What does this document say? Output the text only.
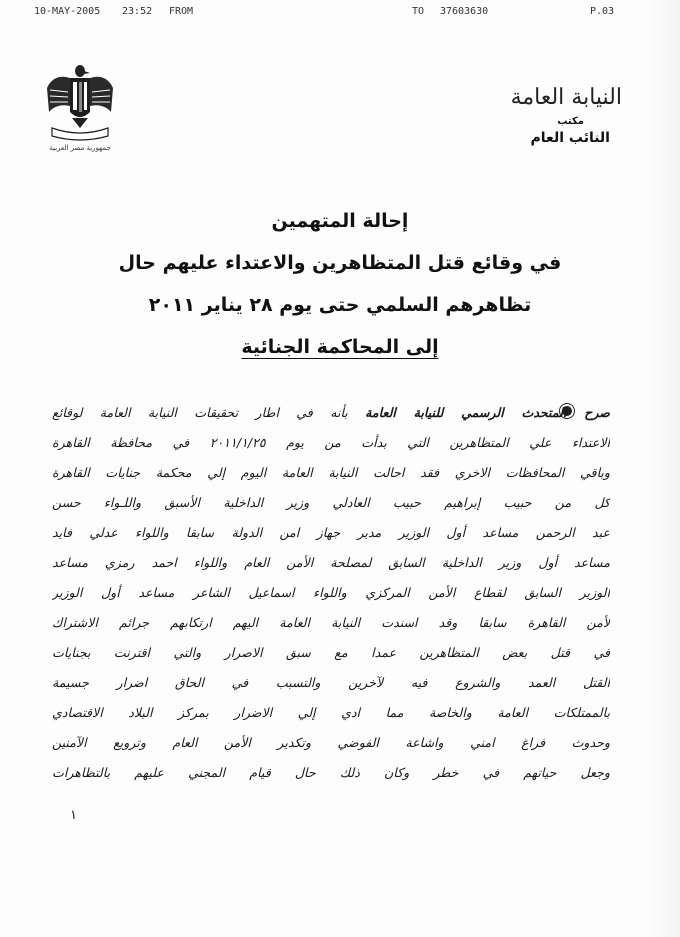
10-MAY-2005 23:52 FROM	TO 37603630	P.03
جمهورية مصر العربية
النيابة العامة
مكتب
النائب العام
إحالة المتهمين
في وقائع قتل المتظاهرين والاعتداء عليهم حال
تظاهرهم السلمي حتى يوم ٢٨ يناير ٢٠١١
إلى المحاكمة الجنائية
صرح المتحدث الرسمي للنيابة العامة بأنه في اطار تحقيقات النيابة العامة لوقائع
الاعتداء علي المتظاهرين التي بدأت من يوم ٢٠١١/١/٢٥ في محافظة القاهرة
وباقي المحافظات الاخري فقد احالت النيابة العامة اليوم إلي محكمة جنايات القاهرة
كل من حبيب إبراهيم حبيب العادلي وزير الداخلية الأسبق واللـواء حسن
عبد الرحمن مساعد أول الوزير مدير جهاز امن الدولة سابقا واللواء عدلي فايد
مساعد أول وزير الداخلية السابق لمصلحة الأمن العام واللواء احمد رمزي مساعد
الوزير السابق لقطاع الأمن المركزي واللواء اسماعيل الشاعر مساعد أول الوزير
لأمن القاهرة سابقا وقد اسندت النيابة العامة اليهم ارتكابهم جرائم الاشتراك
في قتل بعض المتظاهرين عمدا مع سبق الاصرار والتي اقترنت بجنايات
القتل العمد والشروع فيه لآخرين والتسبب في الحاق اضرار جسيمة
بالممتلكات العامة والخاصة مما ادي إلي الاضرار بمركز البلاد الاقتصادي
وحدوث فراغ امني واشاعة الفوضي وتكدير الأمن العام وترويع الآمنين
وجعل حياتهم في خطر وكان ذلك حال قيام المجني عليهم بالتظاهرات
١
